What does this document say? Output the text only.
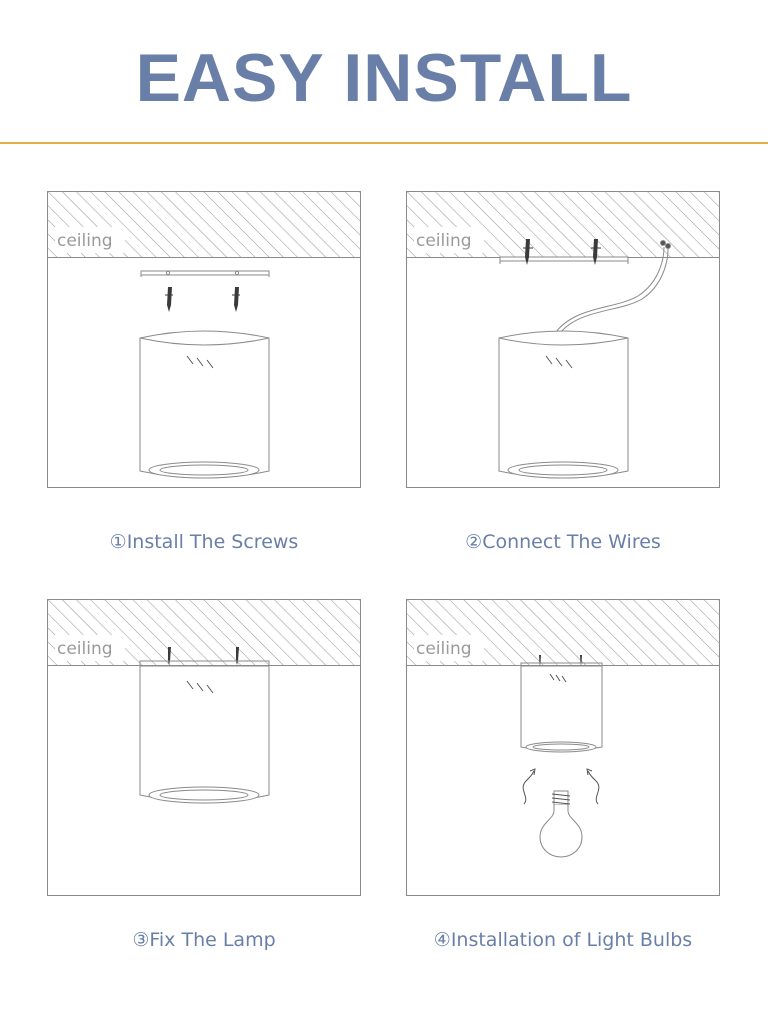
EASY INSTALL
ceiling
①Install The Screws
ceiling
②Connect The Wires
ceiling
③Fix The Lamp
ceiling
④Installation of Light Bulbs
